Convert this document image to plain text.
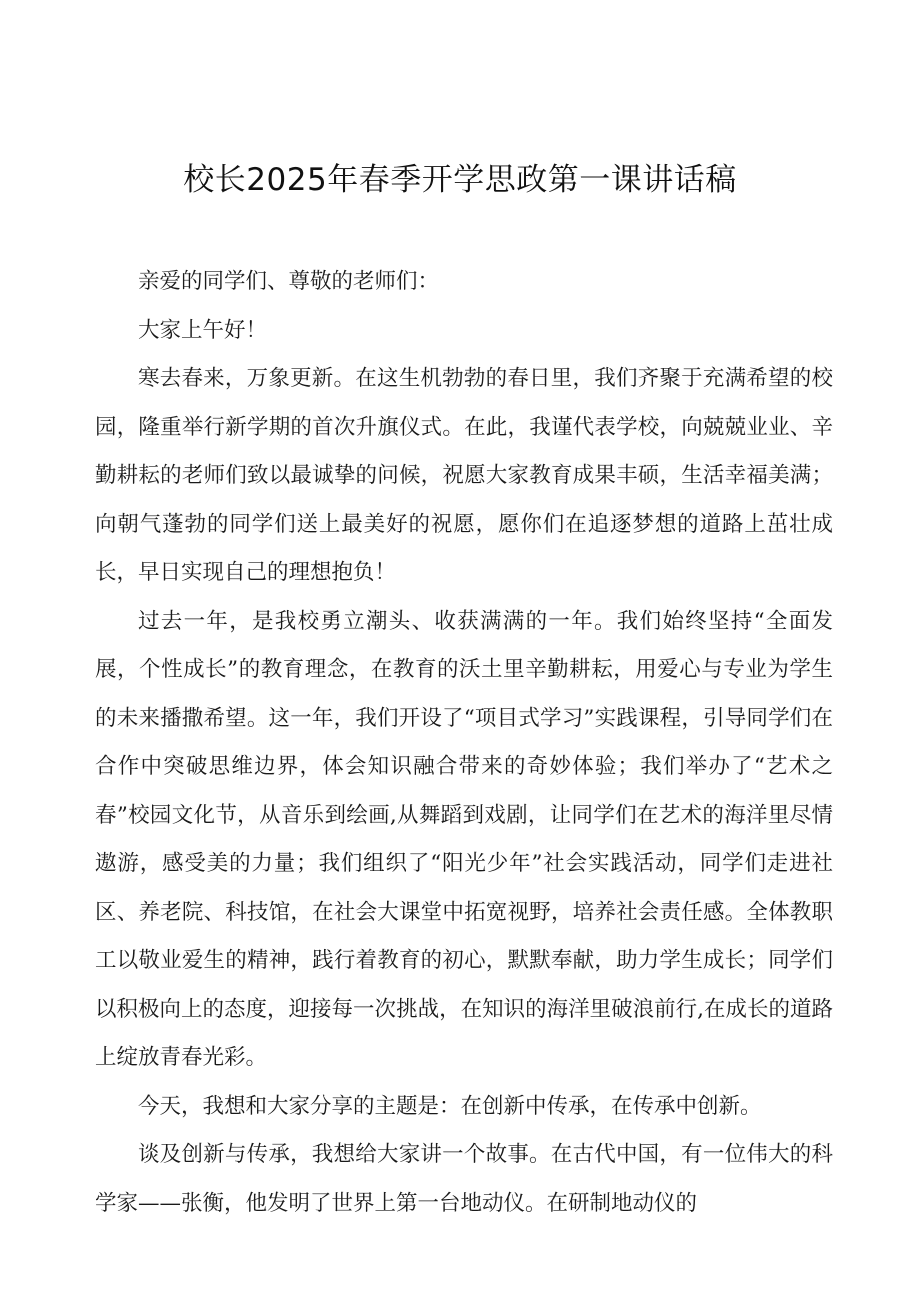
校长2025年春季开学思政第一课讲话稿

亲爱的同学们、尊敬的老师们：

大家上午好！

寒去春来，万象更新。在这生机勃勃的春日里，我们齐聚于充满希望的校园，隆重举行新学期的首次升旗仪式。在此，我谨代表学校，向兢兢业业、辛勤耕耘的老师们致以最诚挚的问候，祝愿大家教育成果丰硕，生活幸福美满；向朝气蓬勃的同学们送上最美好的祝愿，愿你们在追逐梦想的道路上茁壮成长，早日实现自己的理想抱负！

过去一年，是我校勇立潮头、收获满满的一年。我们始终坚持“全面发展，个性成长”的教育理念，在教育的沃土里辛勤耕耘，用爱心与专业为学生的未来播撒希望。这一年，我们开设了“项目式学习”实践课程，引导同学们在合作中突破思维边界，体会知识融合带来的奇妙体验；我们举办了“艺术之春”校园文化节，从音乐到绘画,从舞蹈到戏剧，让同学们在艺术的海洋里尽情遨游，感受美的力量；我们组织了“阳光少年”社会实践活动，同学们走进社区、养老院、科技馆，在社会大课堂中拓宽视野，培养社会责任感。全体教职工以敬业爱生的精神，践行着教育的初心，默默奉献，助力学生成长；同学们以积极向上的态度，迎接每一次挑战，在知识的海洋里破浪前行,在成长的道路上绽放青春光彩。

今天，我想和大家分享的主题是：在创新中传承，在传承中创新。

谈及创新与传承，我想给大家讲一个故事。在古代中国，有一位伟大的科学家——张衡，他发明了世界上第一台地动仪。在研制地动仪的
